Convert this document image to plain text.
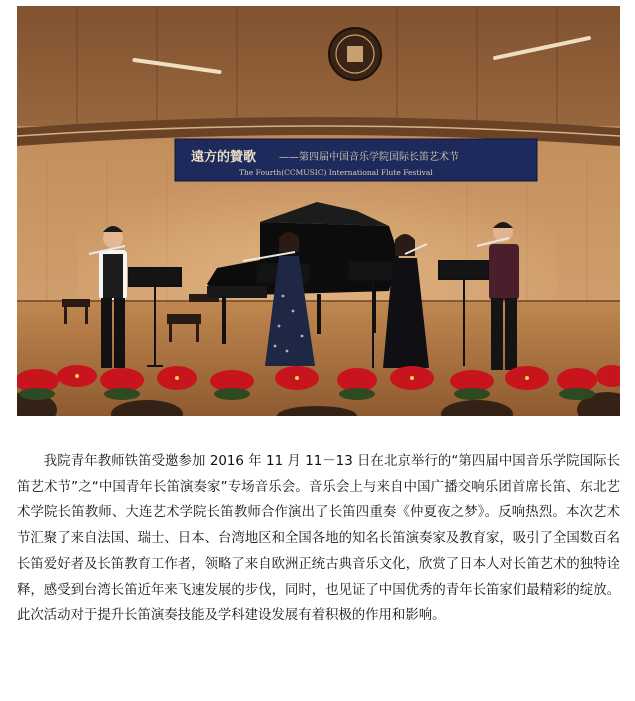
遠方的贊歌 ——第四届中国音乐学院国际长笛艺术节
The Fourth(CCMUSIC) International Flute Festival

我院青年教师铁笛受邀参加 2016 年 11 月 11－13 日在北京举行的“第四届中国音乐学院国际长笛艺术节”之“中国青年长笛演奏家”专场音乐会。音乐会上与来自中国广播交响乐团首席长笛、东北艺术学院长笛教师、大连艺术学院长笛教师合作演出了长笛四重奏《仲夏夜之梦》。反响热烈。本次艺术节汇聚了来自法国、瑞士、日本、台湾地区和全国各地的知名长笛演奏家及教育家，吸引了全国数百名长笛爱好者及长笛教育工作者，领略了来自欧洲正统古典音乐文化，欣赏了日本人对长笛艺术的独特诠释，感受到台湾长笛近年来飞速发展的步伐，同时，也见证了中国优秀的青年长笛家们最精彩的绽放。此次活动对于提升长笛演奏技能及学科建设发展有着积极的作用和影响。
